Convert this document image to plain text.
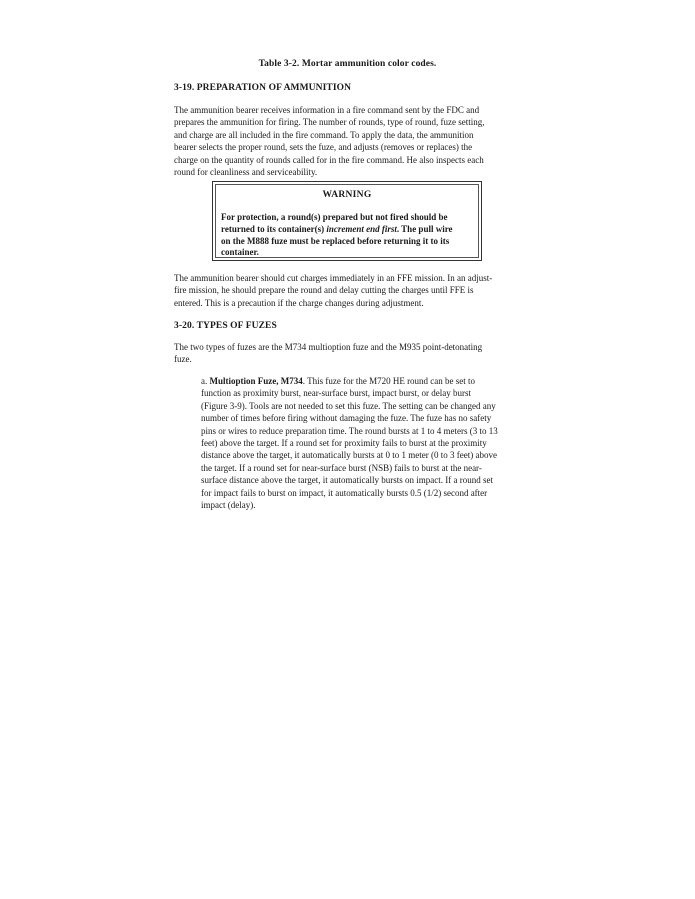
Table 3-2. Mortar ammunition color codes.
3-19. PREPARATION OF AMMUNITION
The ammunition bearer receives information in a fire command sent by the FDC and
prepares the ammunition for firing. The number of rounds, type of round, fuze setting,
and charge are all included in the fire command. To apply the data, the ammunition
bearer selects the proper round, sets the fuze, and adjusts (removes or replaces) the
charge on the quantity of rounds called for in the fire command. He also inspects each
round for cleanliness and serviceability.
WARNING
For protection, a round(s) prepared but not fired should be
returned to its container(s) increment end first. The pull wire
on the M888 fuze must be replaced before returning it to its
container.
The ammunition bearer should cut charges immediately in an FFE mission. In an adjust-
fire mission, he should prepare the round and delay cutting the charges until FFE is
entered. This is a precaution if the charge changes during adjustment.
3-20. TYPES OF FUZES
The two types of fuzes are the M734 multioption fuze and the M935 point-detonating
fuze.
a. Multioption Fuze, M734. This fuze for the M720 HE round can be set to
function as proximity burst, near-surface burst, impact burst, or delay burst
(Figure 3-9). Tools are not needed to set this fuze. The setting can be changed any
number of times before firing without damaging the fuze. The fuze has no safety
pins or wires to reduce preparation time. The round bursts at 1 to 4 meters (3 to 13
feet) above the target. If a round set for proximity fails to burst at the proximity
distance above the target, it automatically bursts at 0 to 1 meter (0 to 3 feet) above
the target. If a round set for near-surface burst (NSB) fails to burst at the near-
surface distance above the target, it automatically bursts on impact. If a round set
for impact fails to burst on impact, it automatically bursts 0.5 (1/2) second after
impact (delay).
